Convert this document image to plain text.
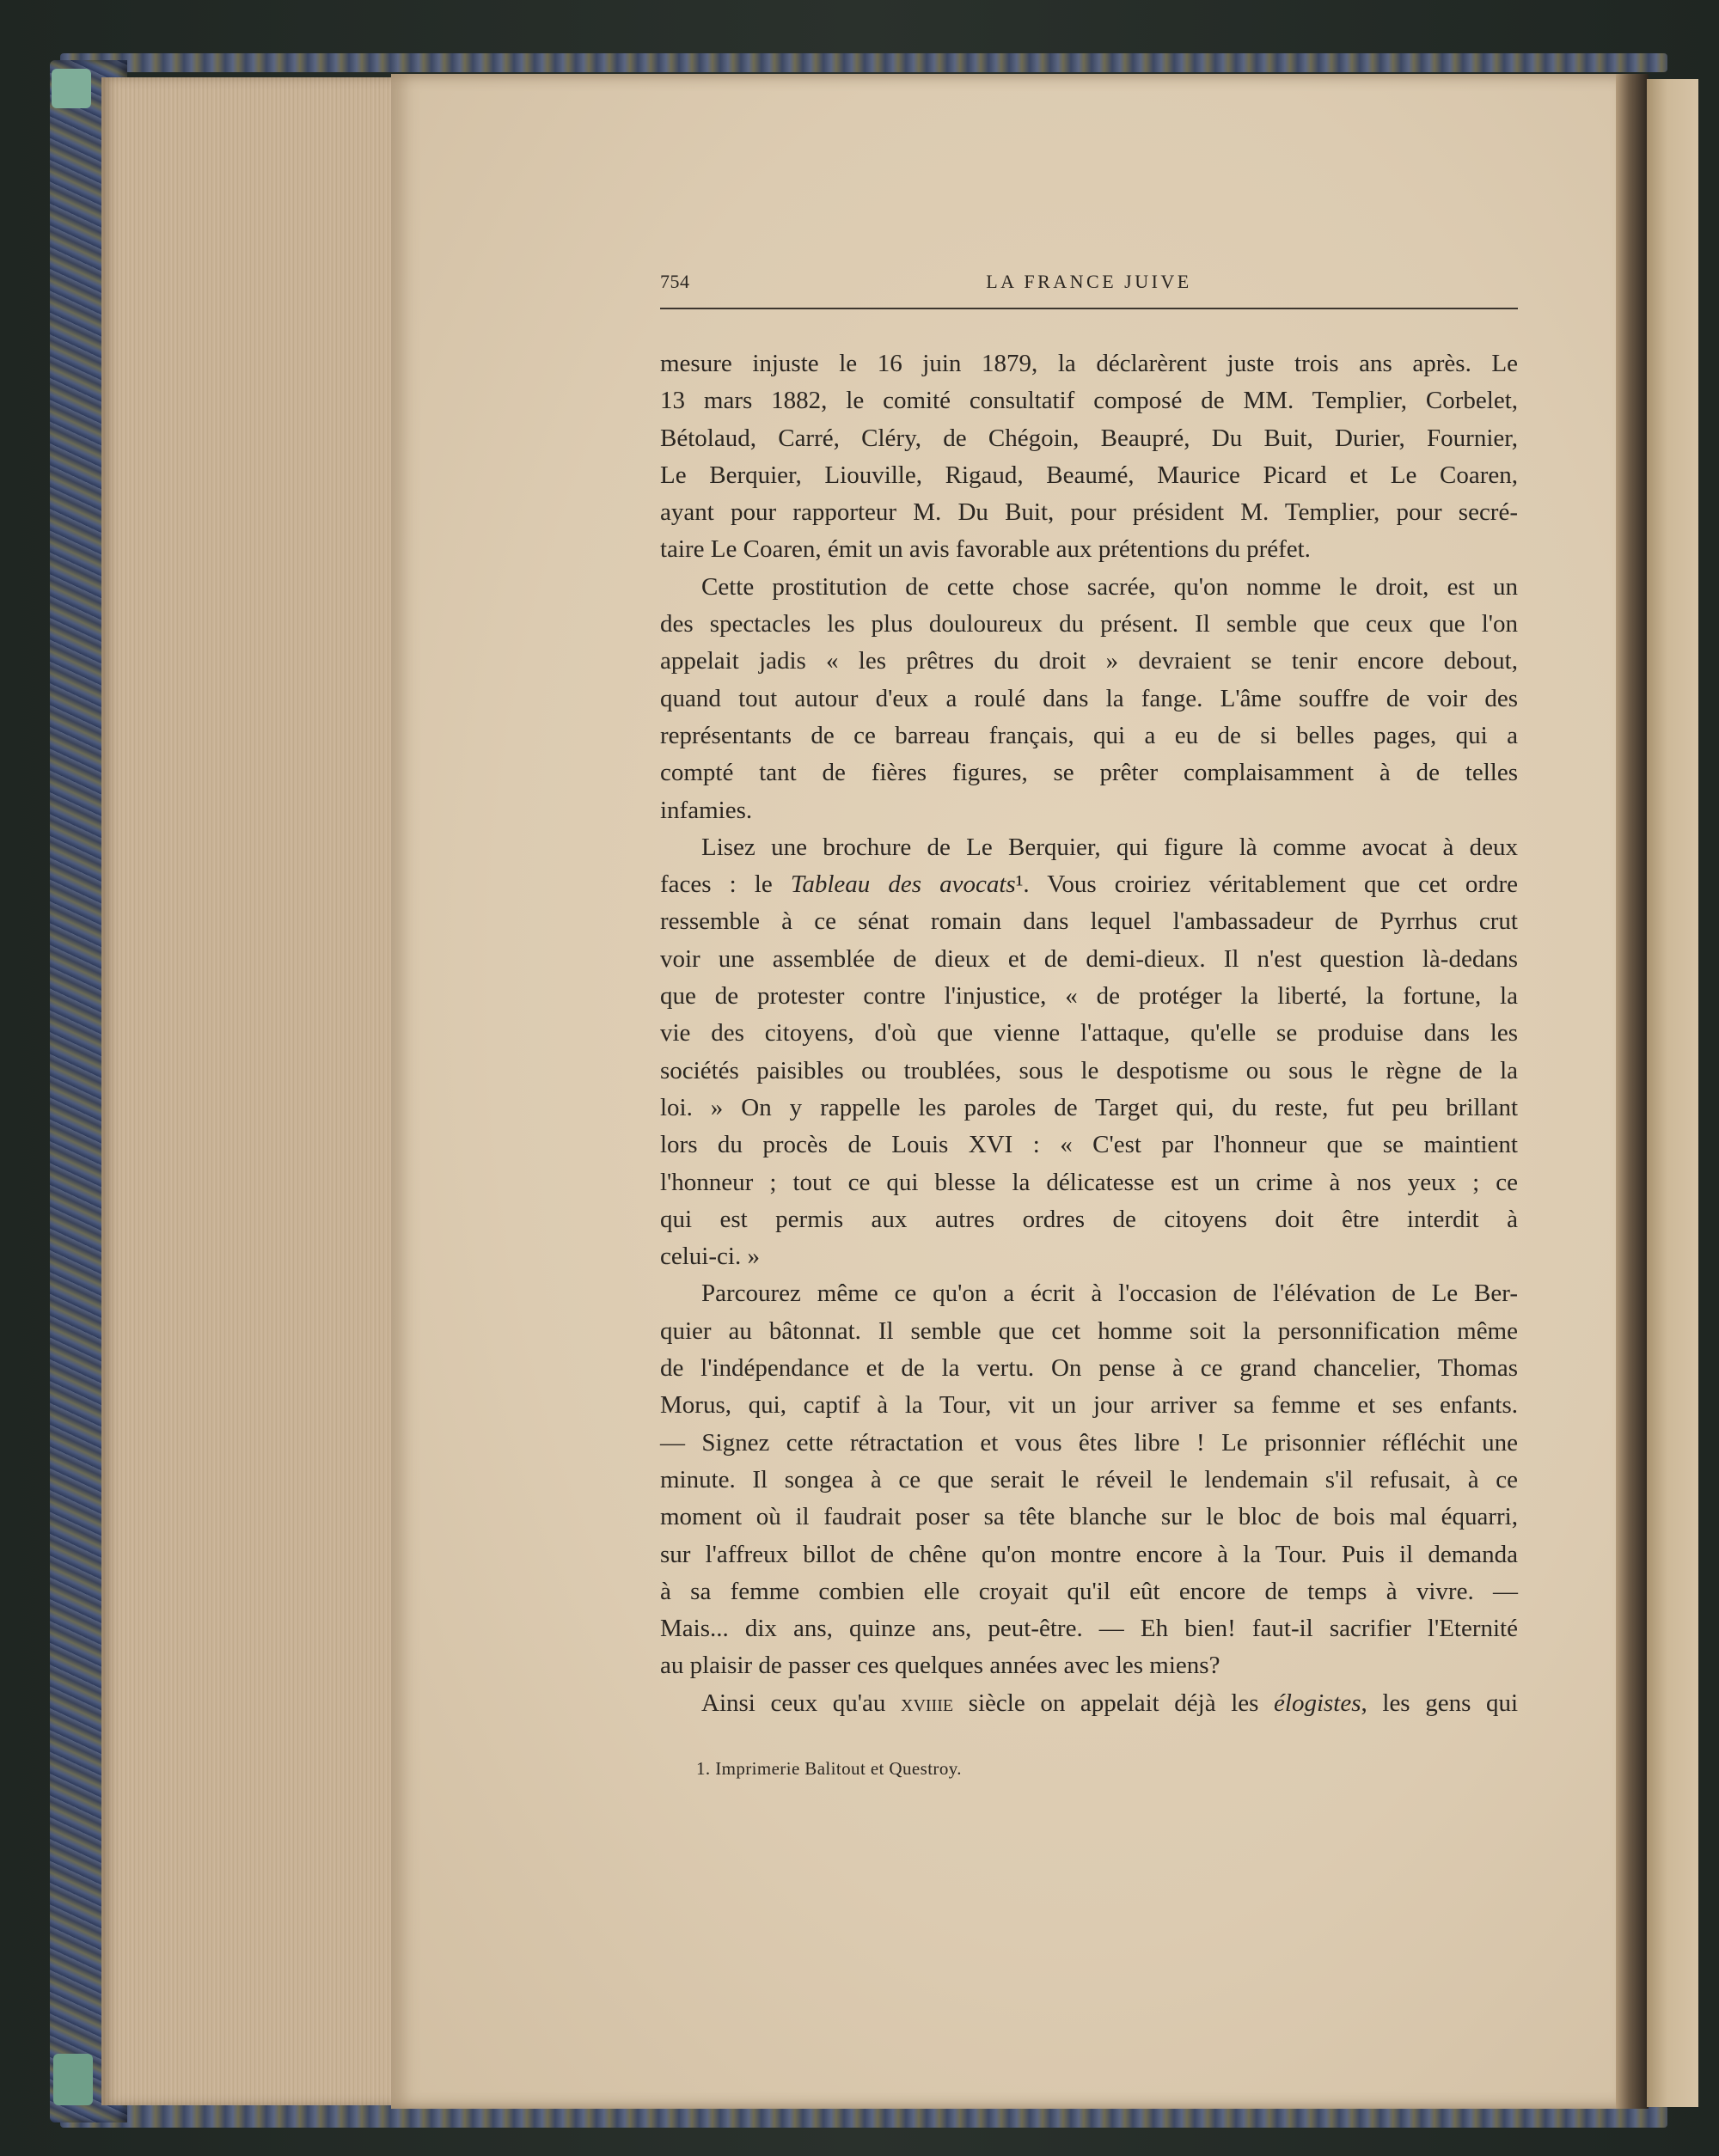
754	LA FRANCE JUIVE
mesure injuste le 16 juin 1879, la déclarèrent juste trois ans après. Le
13 mars 1882, le comité consultatif composé de MM. Templier, Corbelet,
Bétolaud, Carré, Cléry, de Chégoin, Beaupré, Du Buit, Durier, Fournier,
Le Berquier, Liouville, Rigaud, Beaumé, Maurice Picard et Le Coaren,
ayant pour rapporteur M. Du Buit, pour président M. Templier, pour secré-
taire Le Coaren, émit un avis favorable aux prétentions du préfet.
Cette prostitution de cette chose sacrée, qu'on nomme le droit, est un
des spectacles les plus douloureux du présent. Il semble que ceux que l'on
appelait jadis « les prêtres du droit » devraient se tenir encore debout,
quand tout autour d'eux a roulé dans la fange. L'âme souffre de voir des
représentants de ce barreau français, qui a eu de si belles pages, qui a
compté tant de fières figures, se prêter complaisamment à de telles
infamies.
Lisez une brochure de Le Berquier, qui figure là comme avocat à deux
faces : le Tableau des avocats¹. Vous croiriez véritablement que cet ordre
ressemble à ce sénat romain dans lequel l'ambassadeur de Pyrrhus crut
voir une assemblée de dieux et de demi-dieux. Il n'est question là-dedans
que de protester contre l'injustice, « de protéger la liberté, la fortune, la
vie des citoyens, d'où que vienne l'attaque, qu'elle se produise dans les
sociétés paisibles ou troublées, sous le despotisme ou sous le règne de la
loi. » On y rappelle les paroles de Target qui, du reste, fut peu brillant
lors du procès de Louis XVI : « C'est par l'honneur que se maintient
l'honneur ; tout ce qui blesse la délicatesse est un crime à nos yeux ; ce
qui est permis aux autres ordres de citoyens doit être interdit à
celui-ci. »
Parcourez même ce qu'on a écrit à l'occasion de l'élévation de Le Ber-
quier au bâtonnat. Il semble que cet homme soit la personnification même
de l'indépendance et de la vertu. On pense à ce grand chancelier, Thomas
Morus, qui, captif à la Tour, vit un jour arriver sa femme et ses enfants.
— Signez cette rétractation et vous êtes libre ! Le prisonnier réfléchit une
minute. Il songea à ce que serait le réveil le lendemain s'il refusait, à ce
moment où il faudrait poser sa tête blanche sur le bloc de bois mal équarri,
sur l'affreux billot de chêne qu'on montre encore à la Tour. Puis il demanda
à sa femme combien elle croyait qu'il eût encore de temps à vivre. —
Mais... dix ans, quinze ans, peut-être. — Eh bien! faut-il sacrifier l'Eternité
au plaisir de passer ces quelques années avec les miens?
Ainsi ceux qu'au xviiie siècle on appelait déjà les élogistes, les gens qui
1. Imprimerie Balitout et Questroy.
